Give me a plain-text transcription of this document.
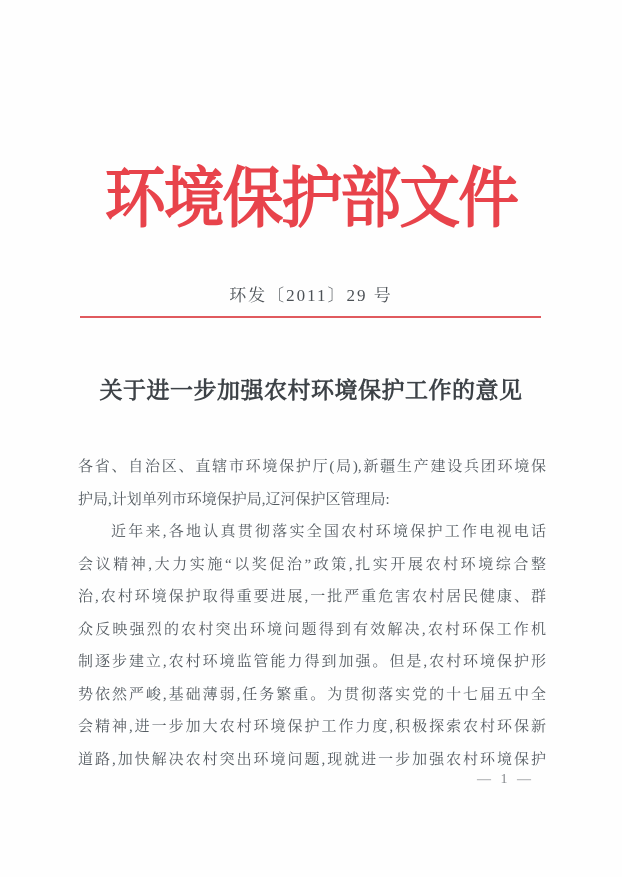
环境保护部文件
环发〔2011〕29 号
关于进一步加强农村环境保护工作的意见
各省、自治区、直辖市环境保护厅(局),新疆生产建设兵团环境保
护局,计划单列市环境保护局,辽河保护区管理局:
近年来,各地认真贯彻落实全国农村环境保护工作电视电话
会议精神,大力实施“以奖促治”政策,扎实开展农村环境综合整
治,农村环境保护取得重要进展,一批严重危害农村居民健康、群
众反映强烈的农村突出环境问题得到有效解决,农村环保工作机
制逐步建立,农村环境监管能力得到加强。但是,农村环境保护形
势依然严峻,基础薄弱,任务繁重。为贯彻落实党的十七届五中全
会精神,进一步加大农村环境保护工作力度,积极探索农村环保新
道路,加快解决农村突出环境问题,现就进一步加强农村环境保护
— 1 —
